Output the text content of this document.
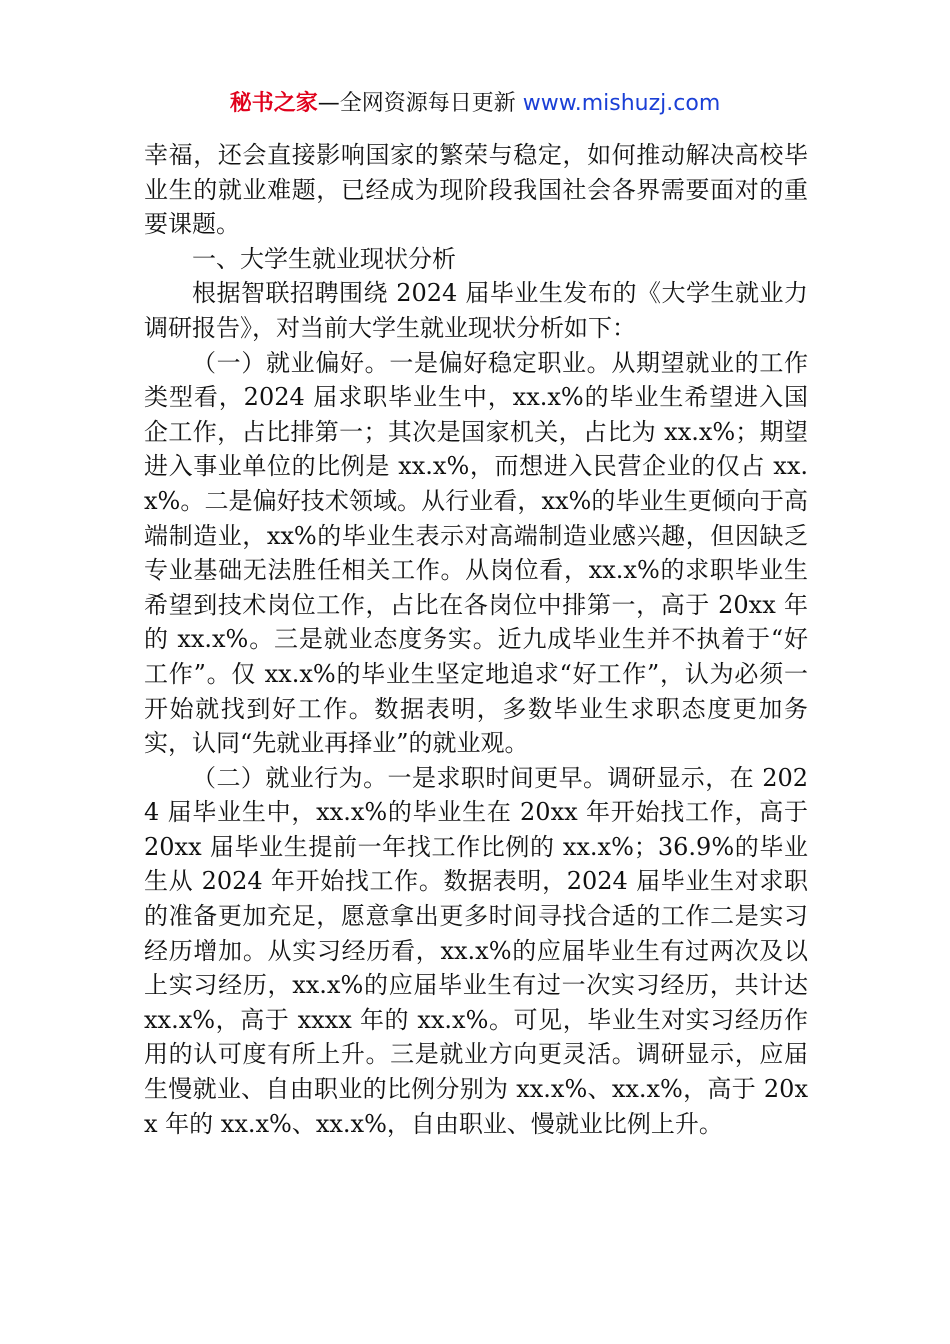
秘书之家—全网资源每日更新 www.mishuzj.com

幸福，还会直接影响国家的繁荣与稳定，如何推动解决高校毕业生的就业难题，已经成为现阶段我国社会各界需要面对的重要课题。

一、大学生就业现状分析

根据智联招聘围绕 2024 届毕业生发布的《大学生就业力调研报告》，对当前大学生就业现状分析如下：

（一）就业偏好。一是偏好稳定职业。从期望就业的工作类型看，2024 届求职毕业生中，xx.x%的毕业生希望进入国企工作，占比排第一；其次是国家机关，占比为 xx.x%；期望进入事业单位的比例是 xx.x%，而想进入民营企业的仅占 xx.x%。二是偏好技术领域。从行业看，xx%的毕业生更倾向于高端制造业，xx%的毕业生表示对高端制造业感兴趣，但因缺乏专业基础无法胜任相关工作。从岗位看，xx.x%的求职毕业生希望到技术岗位工作，占比在各岗位中排第一，高于 20xx 年的 xx.x%。三是就业态度务实。近九成毕业生并不执着于“好工作”。仅 xx.x%的毕业生坚定地追求“好工作”，认为必须一开始就找到好工作。数据表明，多数毕业生求职态度更加务实，认同“先就业再择业”的就业观。

（二）就业行为。一是求职时间更早。调研显示，在 2024 届毕业生中，xx.x%的毕业生在 20xx 年开始找工作，高于 20xx 届毕业生提前一年找工作比例的 xx.x%；36.9%的毕业生从 2024 年开始找工作。数据表明，2024 届毕业生对求职的准备更加充足，愿意拿出更多时间寻找合适的工作二是实习经历增加。从实习经历看，xx.x%的应届毕业生有过两次及以上实习经历，xx.x%的应届毕业生有过一次实习经历，共计达 xx.x%，高于 xxxx 年的 xx.x%。可见，毕业生对实习经历作用的认可度有所上升。三是就业方向更灵活。调研显示，应届生慢就业、自由职业的比例分别为 xx.x%、xx.x%，高于 20xx 年的 xx.x%、xx.x%，自由职业、慢就业比例上升。
